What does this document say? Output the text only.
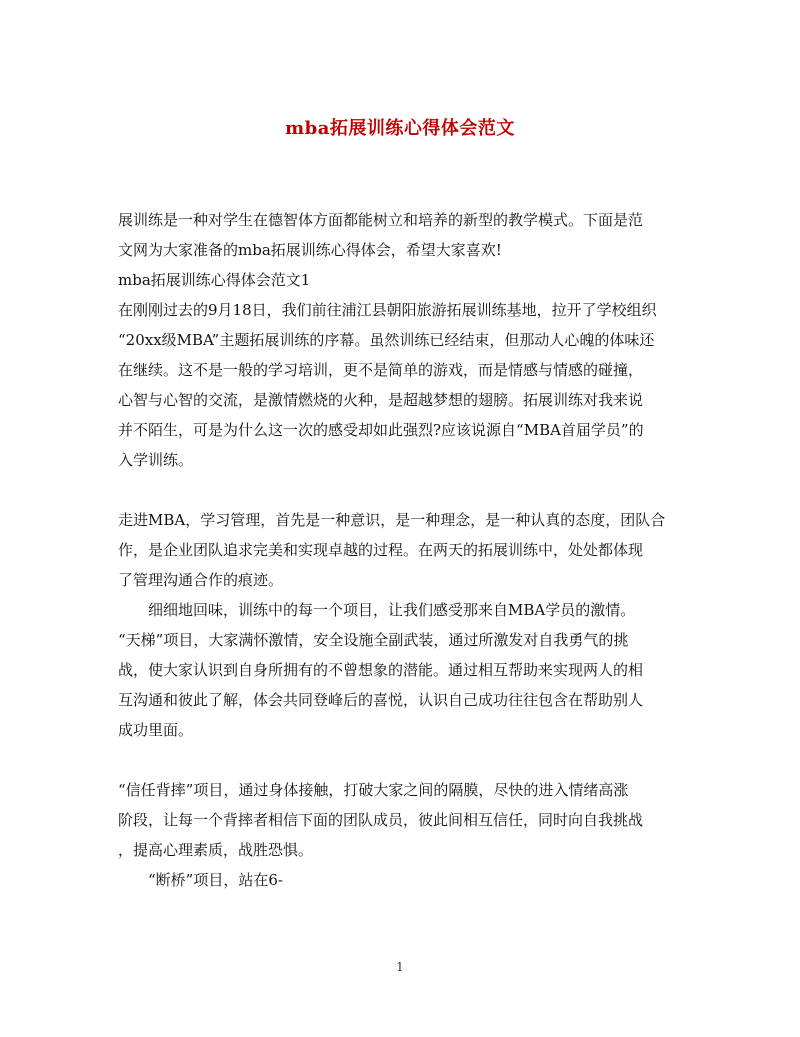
mba拓展训练心得体会范文
展训练是一种对学生在德智体方面都能树立和培养的新型的教学模式。下面是范
文网为大家准备的mba拓展训练心得体会，希望大家喜欢!
mba拓展训练心得体会范文1
在刚刚过去的9月18日，我们前往浦江县朝阳旅游拓展训练基地，拉开了学校组织
“20xx级MBA”主题拓展训练的序幕。虽然训练已经结束，但那动人心魄的体味还
在继续。这不是一般的学习培训，更不是简单的游戏，而是情感与情感的碰撞，
心智与心智的交流，是激情燃烧的火种，是超越梦想的翅膀。拓展训练对我来说
并不陌生，可是为什么这一次的感受却如此强烈?应该说源自“MBA首届学员”的
入学训练。
走进MBA，学习管理，首先是一种意识，是一种理念，是一种认真的态度，团队合
作，是企业团队追求完美和实现卓越的过程。在两天的拓展训练中，处处都体现
了管理沟通合作的痕迹。
细细地回味，训练中的每一个项目，让我们感受那来自MBA学员的激情。
“天梯”项目，大家满怀激情，安全设施全副武装，通过所激发对自我勇气的挑
战，使大家认识到自身所拥有的不曾想象的潜能。通过相互帮助来实现两人的相
互沟通和彼此了解，体会共同登峰后的喜悦，认识自己成功往往包含在帮助别人
成功里面。
“信任背摔”项目，通过身体接触，打破大家之间的隔膜，尽快的进入情绪高涨
阶段，让每一个背摔者相信下面的团队成员，彼此间相互信任，同时向自我挑战
，提高心理素质，战胜恐惧。
“断桥”项目，站在6-
1
